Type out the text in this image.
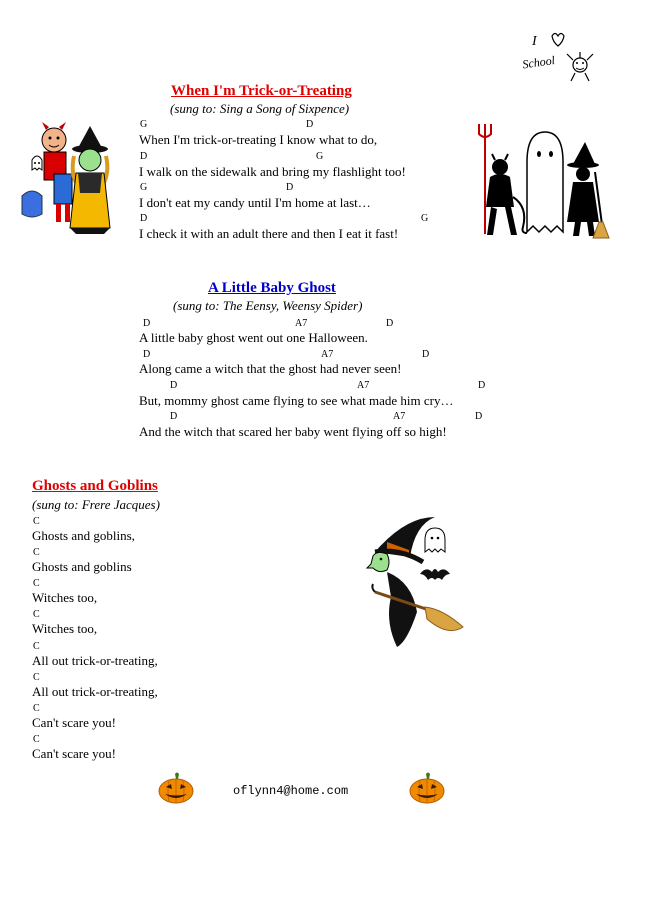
I
School
When I'm Trick-or-Treating
(sung to: Sing a Song of Sixpence)
G	D
When I'm trick-or-treating I know what to do,
D	G
I walk on the sidewalk and bring my flashlight too!
G	D
I don't eat my candy until I'm home at last…
D	G
I check it with an adult there and then I eat it fast!
A Little Baby Ghost
(sung to: The Eensy, Weensy Spider)
D	A7	D
A little baby ghost went out one Halloween.
D	A7	D
Along came a witch that the ghost had never seen!
D	A7	D
But, mommy ghost came flying to see what made him cry…
D	A7	D
And the witch that scared her baby went flying off so high!
Ghosts and Goblins
(sung to: Frere Jacques)
C
Ghosts and goblins,
C
Ghosts and goblins
C
Witches too,
C
Witches too,
C
All out trick-or-treating,
C
All out trick-or-treating,
C
Can't scare you!
C
Can't scare you!
oflynn4@home.com
